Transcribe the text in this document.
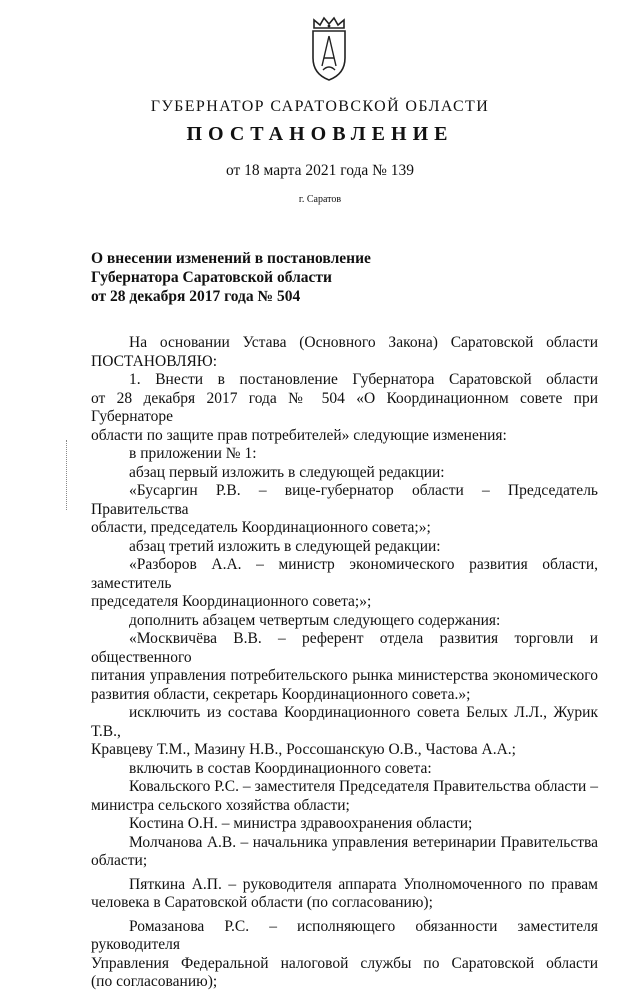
ГУБЕРНАТОР САРАТОВСКОЙ ОБЛАСТИ
ПОСТАНОВЛЕНИЕ
от 18 марта 2021 года № 139
г. Саратов
О внесении изменений в постановление
Губернатора Саратовской области
от 28 декабря 2017 года № 504
На основании Устава (Основного Закона) Саратовской области
ПОСТАНОВЛЯЮ:
1. Внести в постановление Губернатора Саратовской области
от 28 декабря 2017 года № 504 «О Координационном совете при Губернаторе
области по защите прав потребителей» следующие изменения:
в приложении № 1:
абзац первый изложить в следующей редакции:
«Бусаргин Р.В. – вице-губернатор области – Председатель Правительства
области, председатель Координационного совета;»;
абзац третий изложить в следующей редакции:
«Разборов А.А. – министр экономического развития области, заместитель
председателя Координационного совета;»;
дополнить абзацем четвертым следующего содержания:
«Москвичёва В.В. – референт отдела развития торговли и общественного
питания управления потребительского рынка министерства экономического
развития области, секретарь Координационного совета.»;
исключить из состава Координационного совета Белых Л.Л., Журик Т.В.,
Кравцеву Т.М., Мазину Н.В., Россошанскую О.В., Частова А.А.;
включить в состав Координационного совета:
Ковальского Р.С. – заместителя Председателя Правительства области –
министра сельского хозяйства области;
Костина О.Н. – министра здравоохранения области;
Молчанова А.В. – начальника управления ветеринарии Правительства
области;
Пяткина А.П. – руководителя аппарата Уполномоченного по правам
человека в Саратовской области (по согласованию);
Ромазанова Р.С. – исполняющего обязанности заместителя руководителя
Управления Федеральной налоговой службы по Саратовской области
(по согласованию);
